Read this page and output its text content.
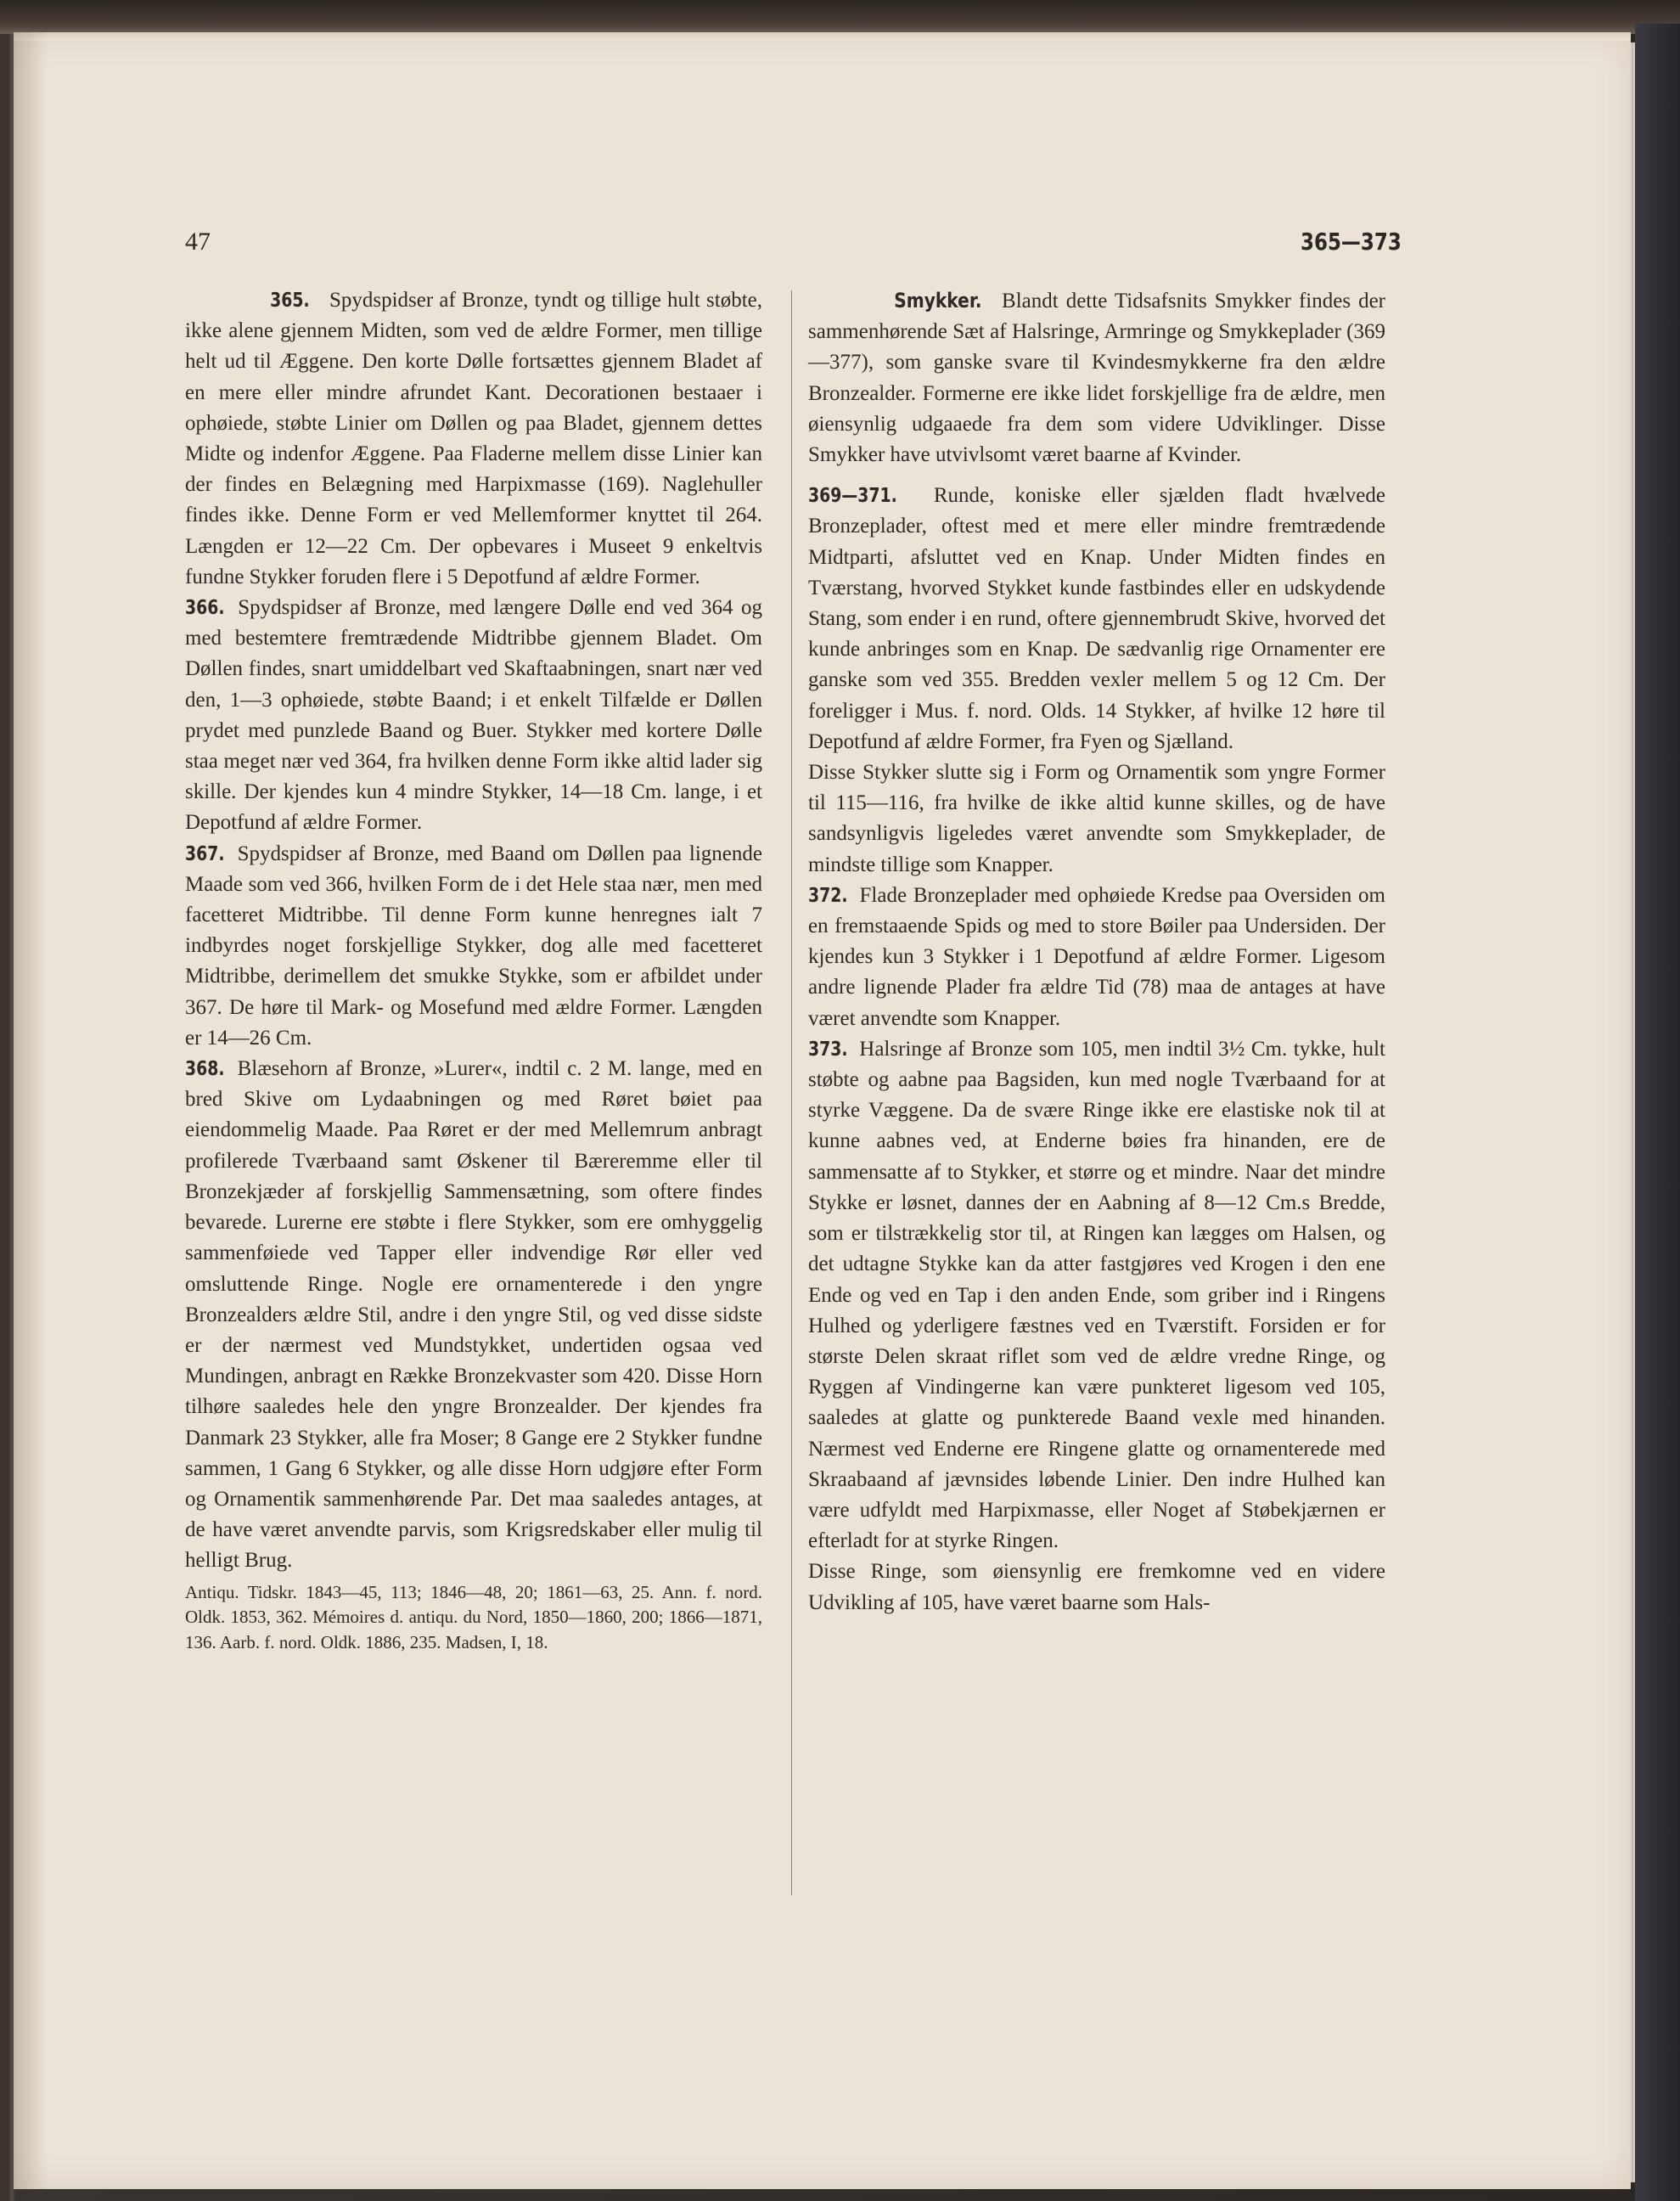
47	365—373

365. Spydspidser af Bronze, tyndt og tillige hult støbte, ikke alene gjennem Midten, som ved de ældre Former, men tillige helt ud til Æggene. Den korte Dølle fortsættes gjennem Bladet af en mere eller mindre afrundet Kant. Decorationen bestaaer i ophøiede, støbte Linier om Døllen og paa Bladet, gjennem dettes Midte og indenfor Æggene. Paa Fladerne mellem disse Linier kan der findes en Belægning med Harpixmasse (169). Naglehuller findes ikke. Denne Form er ved Mellemformer knyttet til 264. Længden er 12—22 Cm. Der opbevares i Museet 9 enkeltvis fundne Stykker foruden flere i 5 Depotfund af ældre Former.

366. Spydspidser af Bronze, med længere Dølle end ved 364 og med bestemtere fremtrædende Midtribbe gjennem Bladet. Om Døllen findes, snart umiddelbart ved Skaftaabningen, snart nær ved den, 1—3 ophøiede, støbte Baand; i et enkelt Tilfælde er Døllen prydet med punzlede Baand og Buer. Stykker med kortere Dølle staa meget nær ved 364, fra hvilken denne Form ikke altid lader sig skille. Der kjendes kun 4 mindre Stykker, 14—18 Cm. lange, i et Depotfund af ældre Former.

367. Spydspidser af Bronze, med Baand om Døllen paa lignende Maade som ved 366, hvilken Form de i det Hele staa nær, men med facetteret Midtribbe. Til denne Form kunne henregnes ialt 7 indbyrdes noget forskjellige Stykker, dog alle med facetteret Midtribbe, derimellem det smukke Stykke, som er afbildet under 367. De høre til Mark- og Mosefund med ældre Former. Længden er 14—26 Cm.

368. Blæsehorn af Bronze, »Lurer«, indtil c. 2 M. lange, med en bred Skive om Lydaabningen og med Røret bøiet paa eiendommelig Maade. Paa Røret er der med Mellemrum anbragt profilerede Tværbaand samt Øskener til Bæreremme eller til Bronzekjæder af forskjellig Sammensætning, som oftere findes bevarede. Lurerne ere støbte i flere Stykker, som ere omhyggelig sammenføiede ved Tapper eller indvendige Rør eller ved omsluttende Ringe. Nogle ere ornamenterede i den yngre Bronzealders ældre Stil, andre i den yngre Stil, og ved disse sidste er der nærmest ved Mundstykket, undertiden ogsaa ved Mundingen, anbragt en Række Bronzekvaster som 420. Disse Horn tilhøre saaledes hele den yngre Bronzealder. Der kjendes fra Danmark 23 Stykker, alle fra Moser; 8 Gange ere 2 Stykker fundne sammen, 1 Gang 6 Stykker, og alle disse Horn udgjøre efter Form og Ornamentik sammenhørende Par. Det maa saaledes antages, at de have været anvendte parvis, som Krigsredskaber eller mulig til helligt Brug.

Antiqu. Tidskr. 1843—45, 113; 1846—48, 20; 1861—63, 25. Ann. f. nord. Oldk. 1853, 362. Mémoires d. antiqu. du Nord, 1850—1860, 200; 1866—1871, 136. Aarb. f. nord. Oldk. 1886, 235. Madsen, I, 18.

Smykker. Blandt dette Tidsafsnits Smykker findes der sammenhørende Sæt af Halsringe, Armringe og Smykkeplader (369—377), som ganske svare til Kvindesmykkerne fra den ældre Bronzealder. Formerne ere ikke lidet forskjellige fra de ældre, men øiensynlig udgaaede fra dem som videre Udviklinger. Disse Smykker have utvivlsomt været baarne af Kvinder.

369—371. Runde, koniske eller sjælden fladt hvælvede Bronzeplader, oftest med et mere eller mindre fremtrædende Midtparti, afsluttet ved en Knap. Under Midten findes en Tværstang, hvorved Stykket kunde fastbindes eller en udskydende Stang, som ender i en rund, oftere gjennembrudt Skive, hvorved det kunde anbringes som en Knap. De sædvanlig rige Ornamenter ere ganske som ved 355. Bredden vexler mellem 5 og 12 Cm. Der foreligger i Mus. f. nord. Olds. 14 Stykker, af hvilke 12 høre til Depotfund af ældre Former, fra Fyen og Sjælland.

Disse Stykker slutte sig i Form og Ornamentik som yngre Former til 115—116, fra hvilke de ikke altid kunne skilles, og de have sandsynligvis ligeledes været anvendte som Smykkeplader, de mindste tillige som Knapper.

372. Flade Bronzeplader med ophøiede Kredse paa Oversiden om en fremstaaende Spids og med to store Bøiler paa Undersiden. Der kjendes kun 3 Stykker i 1 Depotfund af ældre Former. Ligesom andre lignende Plader fra ældre Tid (78) maa de antages at have været anvendte som Knapper.

373. Halsringe af Bronze som 105, men indtil 3½ Cm. tykke, hult støbte og aabne paa Bagsiden, kun med nogle Tværbaand for at styrke Væggene. Da de svære Ringe ikke ere elastiske nok til at kunne aabnes ved, at Enderne bøies fra hinanden, ere de sammensatte af to Stykker, et større og et mindre. Naar det mindre Stykke er løsnet, dannes der en Aabning af 8—12 Cm.s Bredde, som er tilstrækkelig stor til, at Ringen kan lægges om Halsen, og det udtagne Stykke kan da atter fastgjøres ved Krogen i den ene Ende og ved en Tap i den anden Ende, som griber ind i Ringens Hulhed og yderligere fæstnes ved en Tværstift. Forsiden er for største Delen skraat riflet som ved de ældre vredne Ringe, og Ryggen af Vindingerne kan være punkteret ligesom ved 105, saaledes at glatte og punkterede Baand vexle med hinanden. Nærmest ved Enderne ere Ringene glatte og ornamenterede med Skraabaand af jævnsides løbende Linier. Den indre Hulhed kan være udfyldt med Harpixmasse, eller Noget af Støbekjærnen er efterladt for at styrke Ringen.

Disse Ringe, som øiensynlig ere fremkomne ved en videre Udvikling af 105, have været baarne som Hals-
